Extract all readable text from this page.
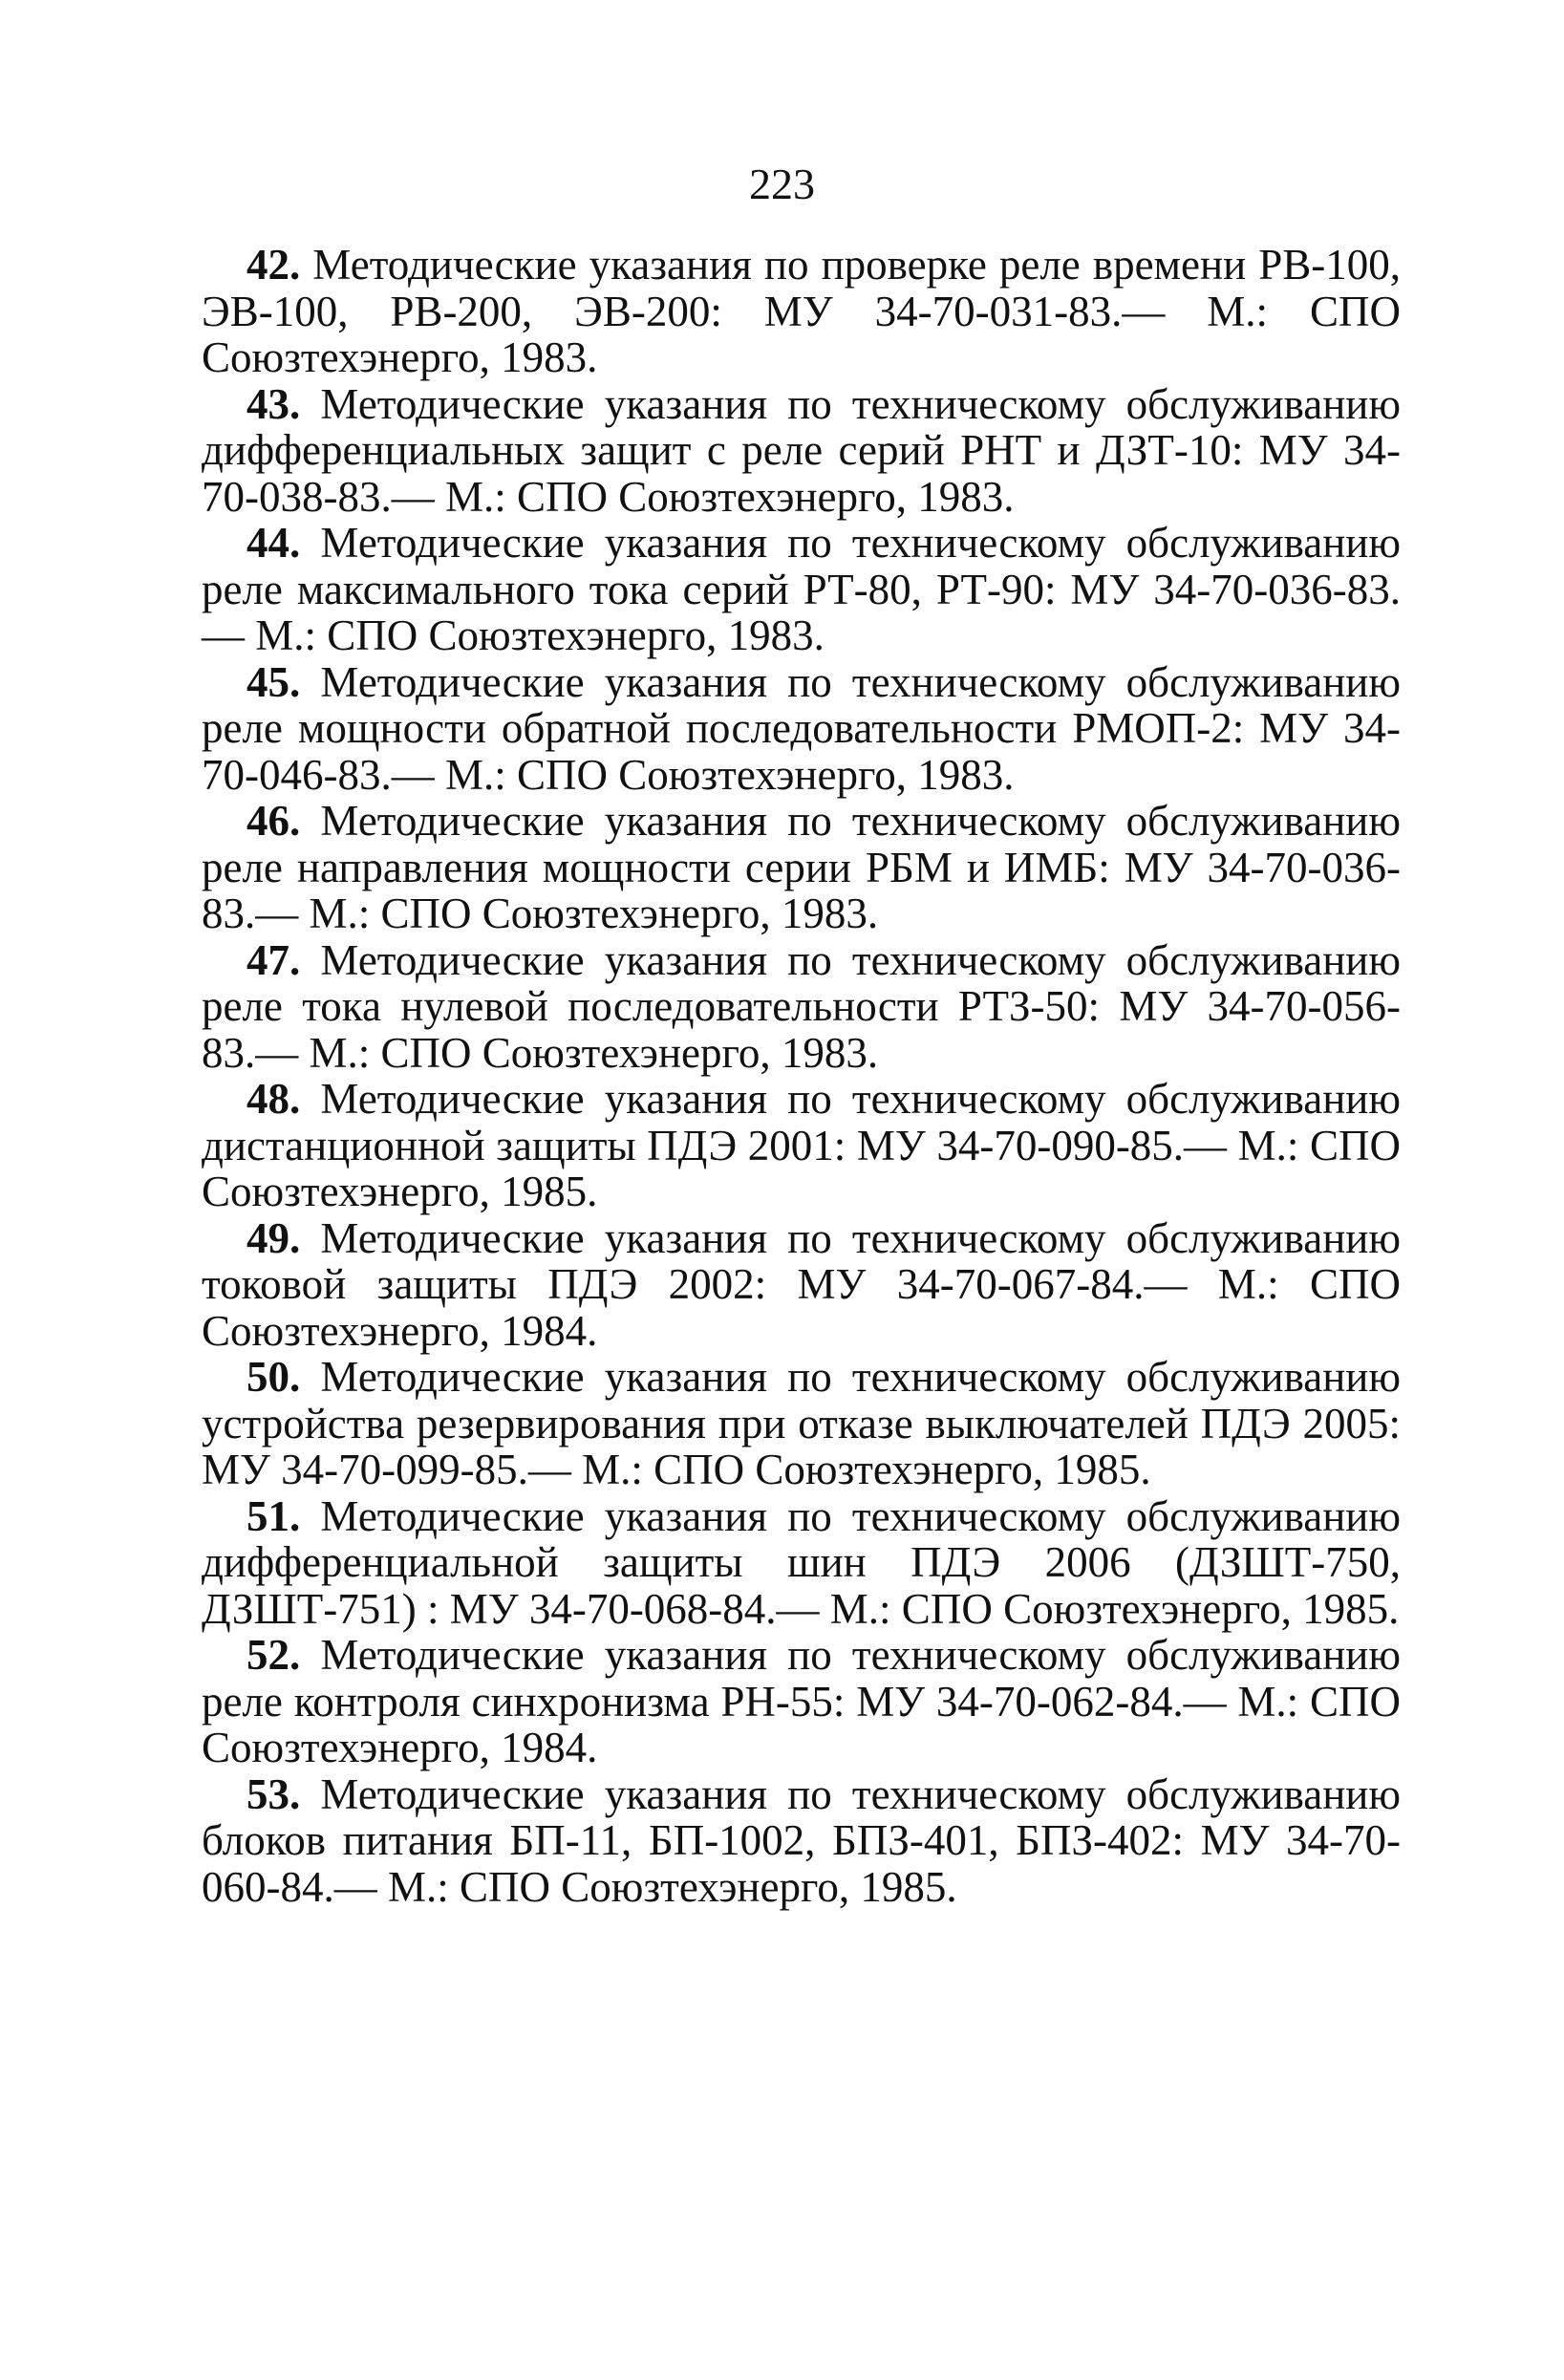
223
42. Методические указания по проверке реле времени РВ-100, ЭВ-100, РВ-200, ЭВ-200: МУ 34-70-031-83.— М.: СПО Союзтехэнерго, 1983.
43. Методические указания по техническому обслуживанию дифференциальных защит с реле серий РНТ и ДЗТ-10: МУ 34-70-038-83.— М.: СПО Союзтехэнерго, 1983.
44. Методические указания по техническому обслуживанию реле максимального тока серий РТ-80, РТ-90: МУ 34-70-036-83.— М.: СПО Союзтехэнерго, 1983.
45. Методические указания по техническому обслуживанию реле мощности обратной последовательности РМОП-2: МУ 34-70-046-83.— М.: СПО Союзтехэнерго, 1983.
46. Методические указания по техническому обслуживанию реле направления мощности серии РБМ и ИМБ: МУ 34-70-036-83.— М.: СПО Союзтехэнерго, 1983.
47. Методические указания по техническому обслуживанию реле тока нулевой последовательности РТЗ-50: МУ 34-70-056-83.— М.: СПО Союзтехэнерго, 1983.
48. Методические указания по техническому обслуживанию дистанционной защиты ПДЭ 2001: МУ 34-70-090-85.— М.: СПО Союзтехэнерго, 1985.
49. Методические указания по техническому обслуживанию токовой защиты ПДЭ 2002: МУ 34-70-067-84.— М.: СПО Союзтехэнерго, 1984.
50. Методические указания по техническому обслуживанию устройства резервирования при отказе выключателей ПДЭ 2005: МУ 34-70-099-85.— М.: СПО Союзтехэнерго, 1985.
51. Методические указания по техническому обслуживанию дифференциальной защиты шин ПДЭ 2006 (ДЗШТ-750, ДЗШТ-751) : МУ 34-70-068-84.— М.: СПО Союзтехэнерго, 1985.
52. Методические указания по техническому обслуживанию реле контроля синхронизма РН-55: МУ 34-70-062-84.— М.: СПО Союзтехэнерго, 1984.
53. Методические указания по техническому обслуживанию блоков питания БП-11, БП-1002, БПЗ-401, БПЗ-402: МУ 34-70-060-84.— М.: СПО Союзтехэнерго, 1985.
